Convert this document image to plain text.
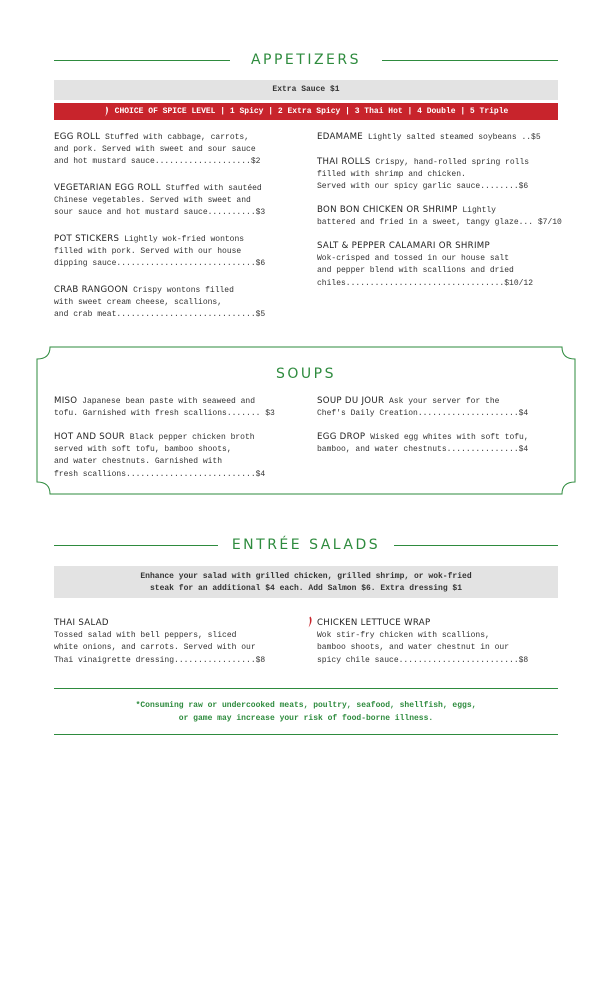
APPETIZERS
Extra Sauce $1
CHOICE OF SPICE LEVEL | 1 Spicy | 2 Extra Spicy | 3 Thai Hot | 4 Double | 5 Triple
EGG ROLL Stuffed with cabbage, carrots,
and pork. Served with sweet and sour sauce
and hot mustard sauce....................$2
VEGETARIAN EGG ROLL Stuffed with sautéed
Chinese vegetables. Served with sweet and
sour sauce and hot mustard sauce..........$3
POT STICKERS Lightly wok-fried wontons
filled with pork. Served with our house
dipping sauce.............................$6
CRAB RANGOON Crispy wontons filled
with sweet cream cheese, scallions,
and crab meat.............................$5
EDAMAME Lightly salted steamed soybeans ..$5
THAI ROLLS Crispy, hand-rolled spring rolls
filled with shrimp and chicken.
Served with our spicy garlic sauce........$6
BON BON CHICKEN OR SHRIMP Lightly
battered and fried in a sweet, tangy glaze... $7/10
SALT & PEPPER CALAMARI OR SHRIMP
Wok-crisped and tossed in our house salt
and pepper blend with scallions and dried
chiles.................................$10/12
SOUPS
MISO Japanese bean paste with seaweed and
tofu. Garnished with fresh scallions....... $3
HOT AND SOUR Black pepper chicken broth
served with soft tofu, bamboo shoots,
and water chestnuts. Garnished with
fresh scallions...........................$4
SOUP DU JOUR Ask your server for the
Chef's Daily Creation.....................$4
EGG DROP Wisked egg whites with soft tofu,
bamboo, and water chestnuts...............$4
ENTRÉE SALADS
Enhance your salad with grilled chicken, grilled shrimp, or wok-fried
steak for an additional $4 each. Add Salmon $6. Extra dressing $1
THAI SALAD
Tossed salad with bell peppers, sliced
white onions, and carrots. Served with our
Thai vinaigrette dressing.................$8
CHICKEN LETTUCE WRAP
Wok stir-fry chicken with scallions,
bamboo shoots, and water chestnut in our
spicy chile sauce.........................$8
*Consuming raw or undercooked meats, poultry, seafood, shellfish, eggs,
or game may increase your risk of food-borne illness.
